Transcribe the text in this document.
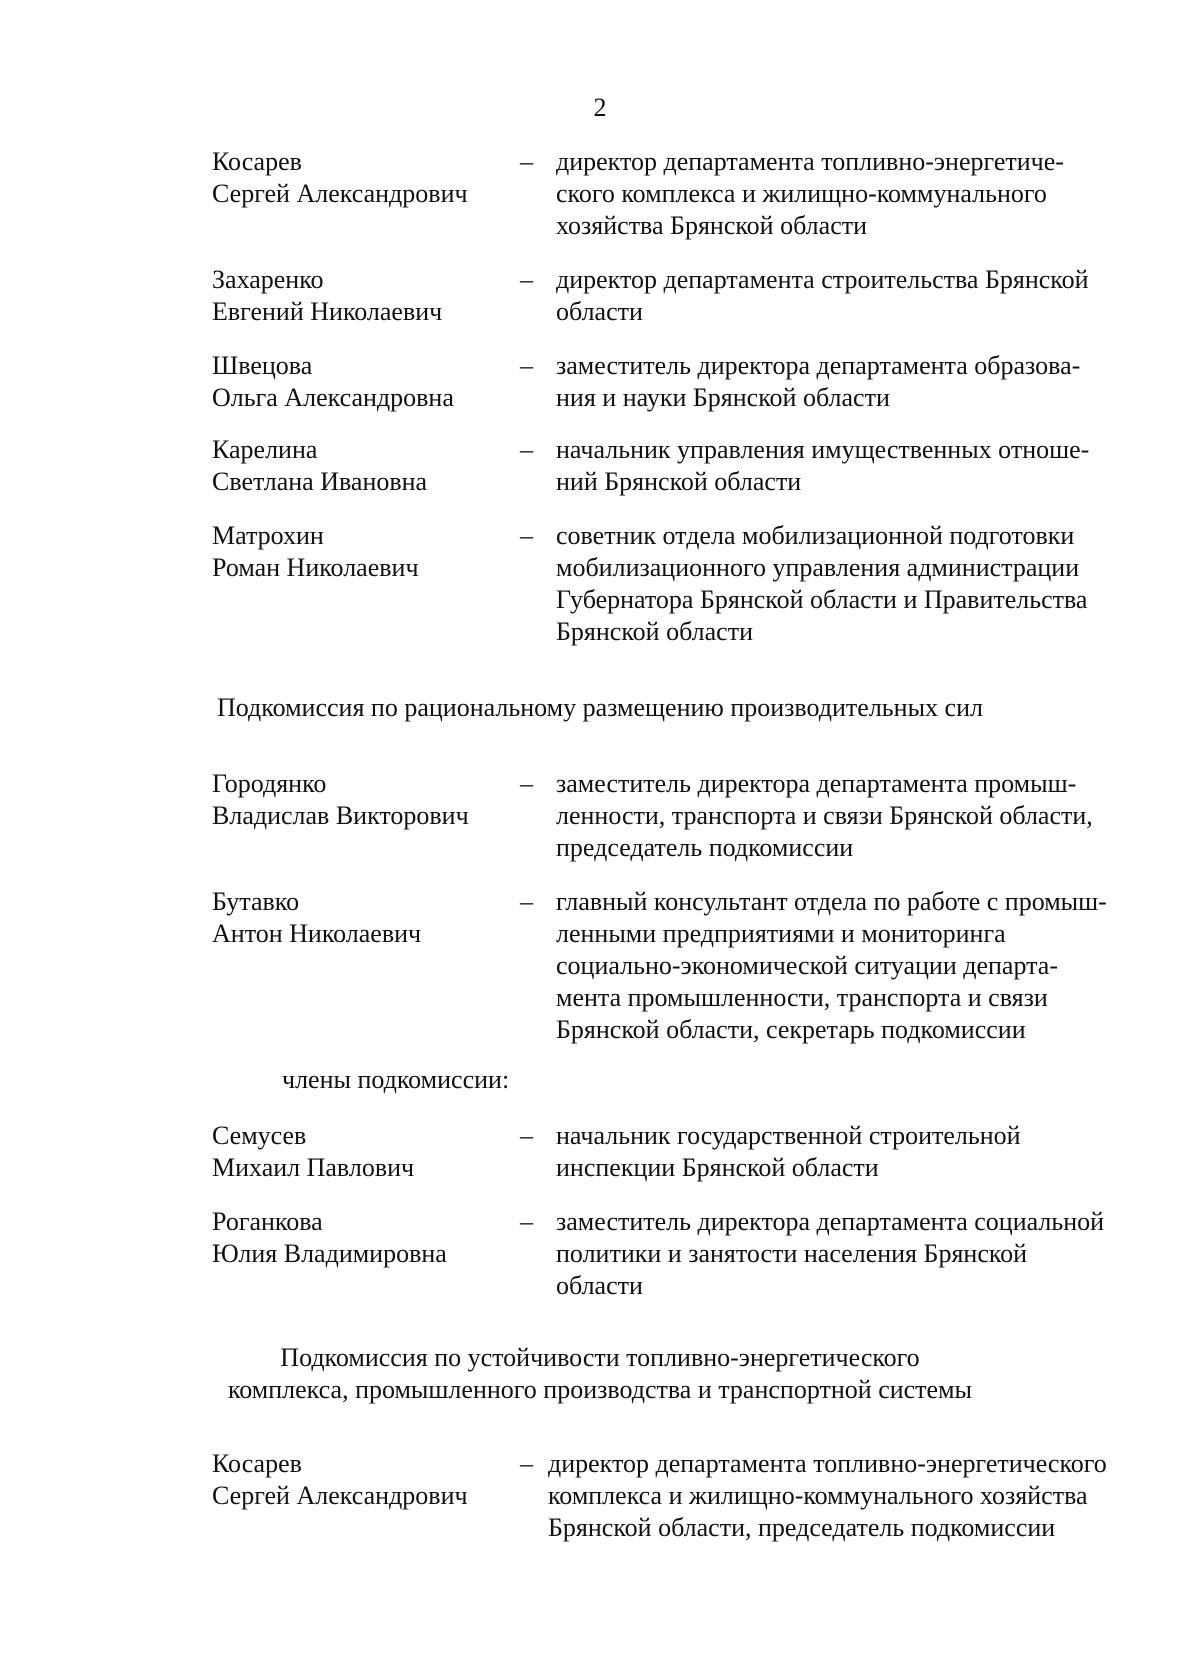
2
Косарев
Сергей Александрович
– директор департамента топливно-энергетиче-
ского комплекса и жилищно-коммунального
хозяйства Брянской области
Захаренко
Евгений Николаевич
– директор департамента строительства Брянской
области
Швецова
Ольга Александровна
– заместитель директора департамента образова-
ния и науки Брянской области
Карелина
Светлана Ивановна
– начальник управления имущественных отноше-
ний Брянской области
Матрохин
Роман Николаевич
– советник отдела мобилизационной подготовки
мобилизационного управления администрации
Губернатора Брянской области и Правительства
Брянской области
Подкомиссия по рациональному размещению производительных сил
Городянко
Владислав Викторович
– заместитель директора департамента промыш-
ленности, транспорта и связи Брянской области,
председатель подкомиссии
Бутавко
Антон Николаевич
– главный консультант отдела по работе с промыш-
ленными предприятиями и мониторинга
социально-экономической ситуации департа-
мента промышленности, транспорта и связи
Брянской области, секретарь подкомиссии
члены подкомиссии:
Семусев
Михаил Павлович
– начальник государственной строительной
инспекции Брянской области
Роганкова
Юлия Владимировна
– заместитель директора департамента социальной
политики и занятости населения Брянской
области
Подкомиссия по устойчивости топливно-энергетического
комплекса, промышленного производства и транспортной системы
Косарев
Сергей Александрович
– директор департамента топливно-энергетического
комплекса и жилищно-коммунального хозяйства
Брянской области, председатель подкомиссии
